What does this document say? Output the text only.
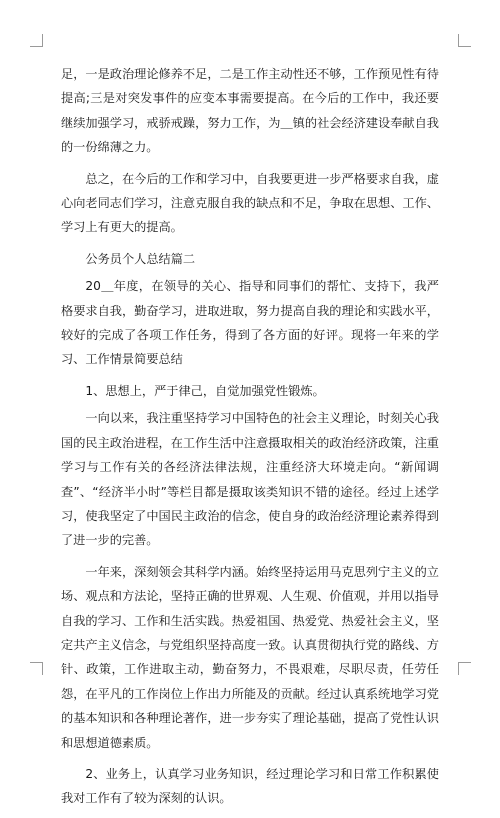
足，一是政治理论修养不足，二是工作主动性还不够，工作预见性有待提高;三是对突发事件的应变本事需要提高。在今后的工作中，我还要继续加强学习，戒骄戒躁，努力工作，为＿镇的社会经济建设奉献自我的一份绵薄之力。

总之，在今后的工作和学习中，自我要更进一步严格要求自我，虚心向老同志们学习，注意克服自我的缺点和不足，争取在思想、工作、学习上有更大的提高。

公务员个人总结篇二

20＿年度，在领导的关心、指导和同事们的帮忙、支持下，我严格要求自我，勤奋学习，进取进取，努力提高自我的理论和实践水平，较好的完成了各项工作任务，得到了各方面的好评。现将一年来的学习、工作情景简要总结

1、思想上，严于律己，自觉加强党性锻炼。

一向以来，我注重坚持学习中国特色的社会主义理论，时刻关心我国的民主政治进程，在工作生活中注意摄取相关的政治经济政策，注重学习与工作有关的各经济法律法规，注重经济大环境走向。“新闻调查”、“经济半小时”等栏目都是摄取该类知识不错的途径。经过上述学习，使我坚定了中国民主政治的信念，使自身的政治经济理论素养得到了进一步的完善。

一年来，深刻领会其科学内涵。始终坚持运用马克思列宁主义的立场、观点和方法论，坚持正确的世界观、人生观、价值观，并用以指导自我的学习、工作和生活实践。热爱祖国、热爱党、热爱社会主义，坚定共产主义信念，与党组织坚持高度一致。认真贯彻执行党的路线、方针、政策，工作进取主动，勤奋努力，不畏艰难，尽职尽责，任劳任怨，在平凡的工作岗位上作出力所能及的贡献。经过认真系统地学习党的基本知识和各种理论著作，进一步夯实了理论基础，提高了党性认识和思想道德素质。

2、业务上，认真学习业务知识，经过理论学习和日常工作积累使我对工作有了较为深刻的认识。
